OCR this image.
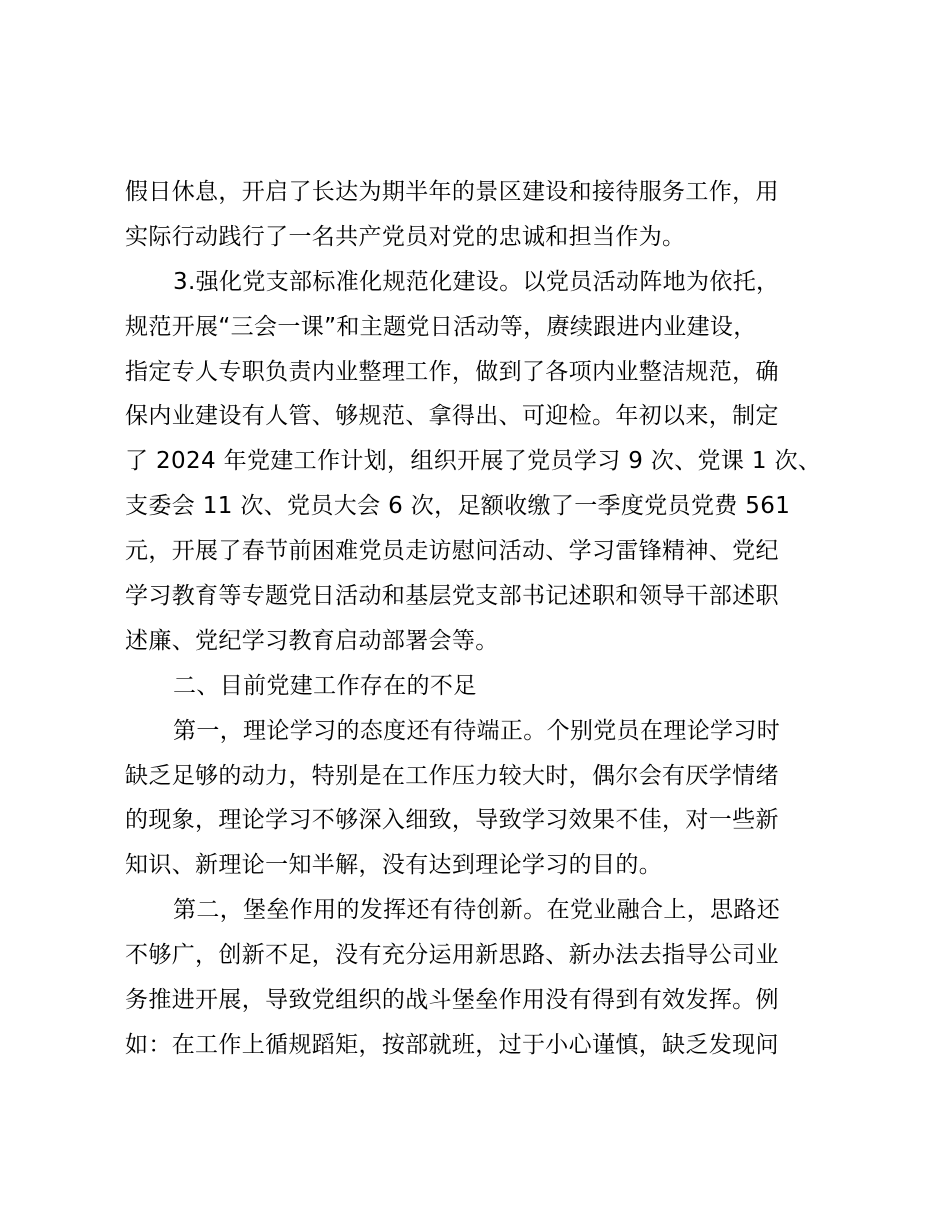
假日休息，开启了长达为期半年的景区建设和接待服务工作，用
实际行动践行了一名共产党员对党的忠诚和担当作为。
3.强化党支部标准化规范化建设。以党员活动阵地为依托，
规范开展“三会一课”和主题党日活动等，赓续跟进内业建设，
指定专人专职负责内业整理工作，做到了各项内业整洁规范，确
保内业建设有人管、够规范、拿得出、可迎检。年初以来，制定
了 2024 年党建工作计划，组织开展了党员学习 9 次、党课 1 次、
支委会 11 次、党员大会 6 次，足额收缴了一季度党员党费 561
元，开展了春节前困难党员走访慰问活动、学习雷锋精神、党纪
学习教育等专题党日活动和基层党支部书记述职和领导干部述职
述廉、党纪学习教育启动部署会等。
二、目前党建工作存在的不足
第一，理论学习的态度还有待端正。个别党员在理论学习时
缺乏足够的动力，特别是在工作压力较大时，偶尔会有厌学情绪
的现象，理论学习不够深入细致，导致学习效果不佳，对一些新
知识、新理论一知半解，没有达到理论学习的目的。
第二，堡垒作用的发挥还有待创新。在党业融合上，思路还
不够广，创新不足，没有充分运用新思路、新办法去指导公司业
务推进开展，导致党组织的战斗堡垒作用没有得到有效发挥。例
如：在工作上循规蹈矩，按部就班，过于小心谨慎，缺乏发现问
